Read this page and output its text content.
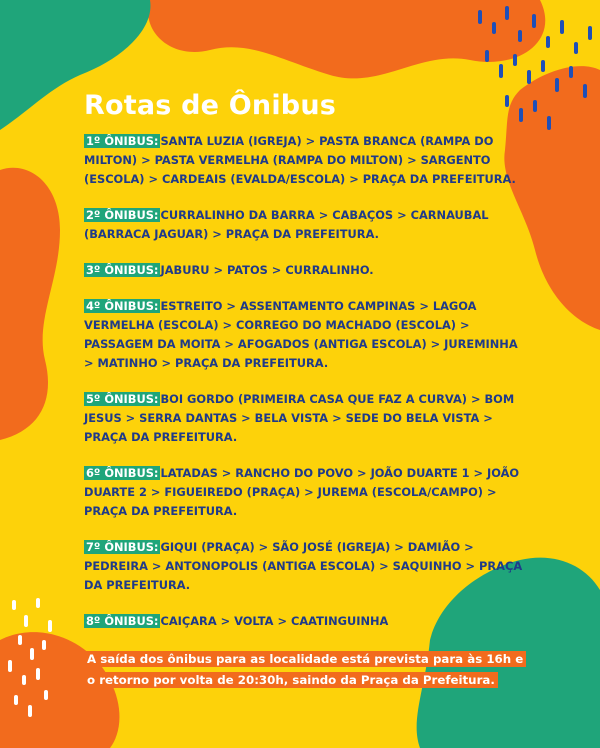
Rotas de Ônibus
1º ÔNIBUS: SANTA LUZIA (IGREJA) > PASTA BRANCA (RAMPA DO MILTON) > PASTA VERMELHA (RAMPA DO MILTON) > SARGENTO (ESCOLA) > CARDEAIS (EVALDA/ESCOLA) > PRAÇA DA PREFEITURA.
2º ÔNIBUS: CURRALINHO DA BARRA > CABAÇOS > CARNAUBAL (BARRACA JAGUAR) > PRAÇA DA PREFEITURA.
3º ÔNIBUS: JABURU > PATOS > CURRALINHO.
4º ÔNIBUS: ESTREITO > ASSENTAMENTO CAMPINAS > LAGOA VERMELHA (ESCOLA) > CORREGO DO MACHADO (ESCOLA) > PASSAGEM DA MOITA > AFOGADOS (ANTIGA ESCOLA) > JUREMINHA > MATINHO > PRAÇA DA PREFEITURA.
5º ÔNIBUS: BOI GORDO (PRIMEIRA CASA QUE FAZ A CURVA) > BOM JESUS > SERRA DANTAS > BELA VISTA > SEDE DO BELA VISTA > PRAÇA DA PREFEITURA.
6º ÔNIBUS: LATADAS > RANCHO DO POVO > JOÃO DUARTE 1 > JOÃO DUARTE 2 > FIGUEIREDO (PRAÇA) > JUREMA (ESCOLA/CAMPO) > PRAÇA DA PREFEITURA.
7º ÔNIBUS: GIQUI (PRAÇA) > SÃO JOSÉ (IGREJA) > DAMIÃO > PEDREIRA > ANTONOPOLIS (ANTIGA ESCOLA) > SAQUINHO > PRAÇA DA PREFEITURA.
8º ÔNIBUS: CAIÇARA > VOLTA > CAATINGUINHA
A saída dos ônibus para as localidade está prevista para às 16h e o retorno por volta de 20:30h, saindo da Praça da Prefeitura.
